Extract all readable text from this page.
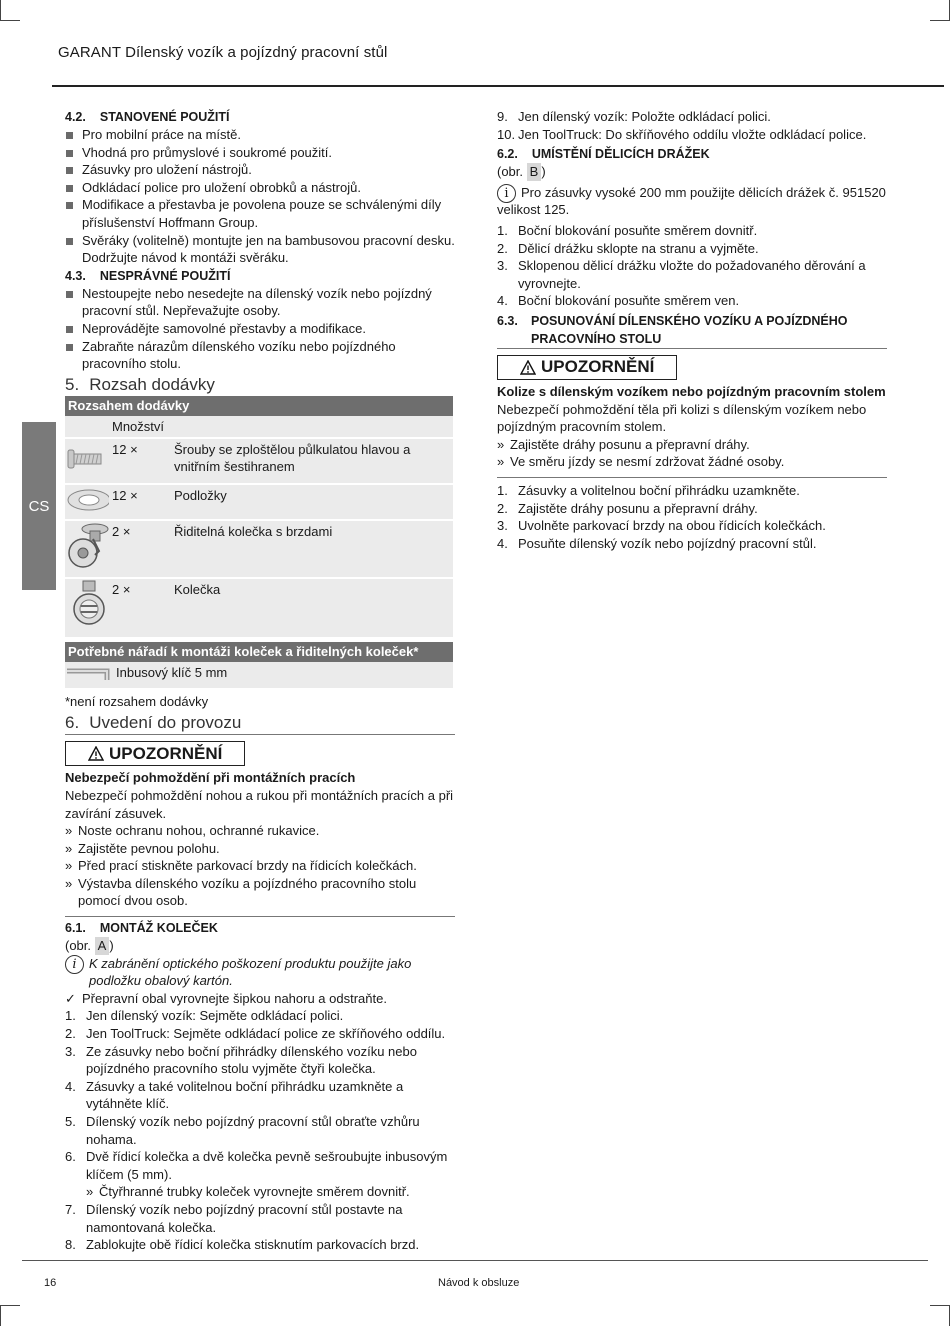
GARANT Dílenský vozík a pojízdný pracovní stůl
CS
4.2. STANOVENÉ POUŽITÍ
Pro mobilní práce na místě.
Vhodná pro průmyslové i soukromé použití.
Zásuvky pro uložení nástrojů.
Odkládací police pro uložení obrobků a nástrojů.
Modifikace a přestavba je povolena pouze se schválenými díly příslušenství Hoffmann Group.
Svěráky (volitelně) montujte jen na bambusovou pracovní desku. Dodržujte návod k montáži svěráku.
4.3. NESPRÁVNÉ POUŽITÍ
Nestoupejte nebo nesedejte na dílenský vozík nebo pojízdný pracovní stůl. Nepřevažujte osoby.
Neprovádějte samovolné přestavby a modifikace.
Zabraňte nárazům dílenského vozíku nebo pojízdného pracovního stolu.
5. Rozsah dodávky
Rozsahem dodávky		
	Množství	
	12 ×	Šrouby se zploštělou půlkulatou hlavou a vnitřním šestihranem
	12 ×	Podložky
	2 ×	Řiditelná kolečka s brzdami
	2 ×	Kolečka
Potřebné nářadí k montáži koleček a řiditelných koleček*
	Inbusový klíč 5 mm
*není rozsahem dodávky
6. Uvedení do provozu
UPOZORNĚNÍ
Nebezpečí pohmoždění při montážních pracích
Nebezpečí pohmoždění nohou a rukou při montážních pracích a při zavírání zásuvek.
» Noste ochranu nohou, ochranné rukavice.
» Zajistěte pevnou polohu.
» Před prací stiskněte parkovací brzdy na řídicích kolečkách.
» Výstavba dílenského vozíku a pojízdného pracovního stolu pomocí dvou osob.
6.1. MONTÁŽ KOLEČEK
(obr. A )
i K zabránění optického poškození produktu použijte jako podložku obalový kartón.
✓ Přepravní obal vyrovnejte šipkou nahoru a odstraňte.
1. Jen dílenský vozík: Sejměte odkládací polici.
2. Jen ToolTruck: Sejměte odkládací police ze skříňového oddílu.
3. Ze zásuvky nebo boční přihrádky dílenského vozíku nebo pojízdného pracovního stolu vyjměte čtyři kolečka.
4. Zásuvky a také volitelnou boční přihrádku uzamkněte a vytáhněte klíč.
5. Dílenský vozík nebo pojízdný pracovní stůl obraťte vzhůru nohama.
6. Dvě řídicí kolečka a dvě kolečka pevně sešroubujte inbusovým klíčem (5 mm).
» Čtyřhranné trubky koleček vyrovnejte směrem dovnitř.
7. Dílenský vozík nebo pojízdný pracovní stůl postavte na namontovaná kolečka.
8. Zablokujte obě řídicí kolečka stisknutím parkovacích brzd.
9. Jen dílenský vozík: Položte odkládací polici.
10. Jen ToolTruck: Do skříňového oddílu vložte odkládací police.
6.2. UMÍSTĚNÍ DĚLICÍCH DRÁŽEK
(obr. B )
i Pro zásuvky vysoké 200 mm použijte dělicích drážek č. 951520 velikost 125.
1. Boční blokování posuňte směrem dovnitř.
2. Dělicí drážku sklopte na stranu a vyjměte.
3. Sklopenou dělicí drážku vložte do požadovaného děrování a vyrovnejte.
4. Boční blokování posuňte směrem ven.
6.3. POSUNOVÁNÍ DÍLENSKÉHO VOZÍKU A POJÍZDNÉHO PRACOVNÍHO STOLU
UPOZORNĚNÍ
Kolize s dílenským vozíkem nebo pojízdným pracovním stolem
Nebezpečí pohmoždění těla při kolizi s dílenským vozíkem nebo pojízdným pracovním stolem.
» Zajistěte dráhy posunu a přepravní dráhy.
» Ve směru jízdy se nesmí zdržovat žádné osoby.
1. Zásuvky a volitelnou boční přihrádku uzamkněte.
2. Zajistěte dráhy posunu a přepravní dráhy.
3. Uvolněte parkovací brzdy na obou řídicích kolečkách.
4. Posuňte dílenský vozík nebo pojízdný pracovní stůl.
16	Návod k obsluze
